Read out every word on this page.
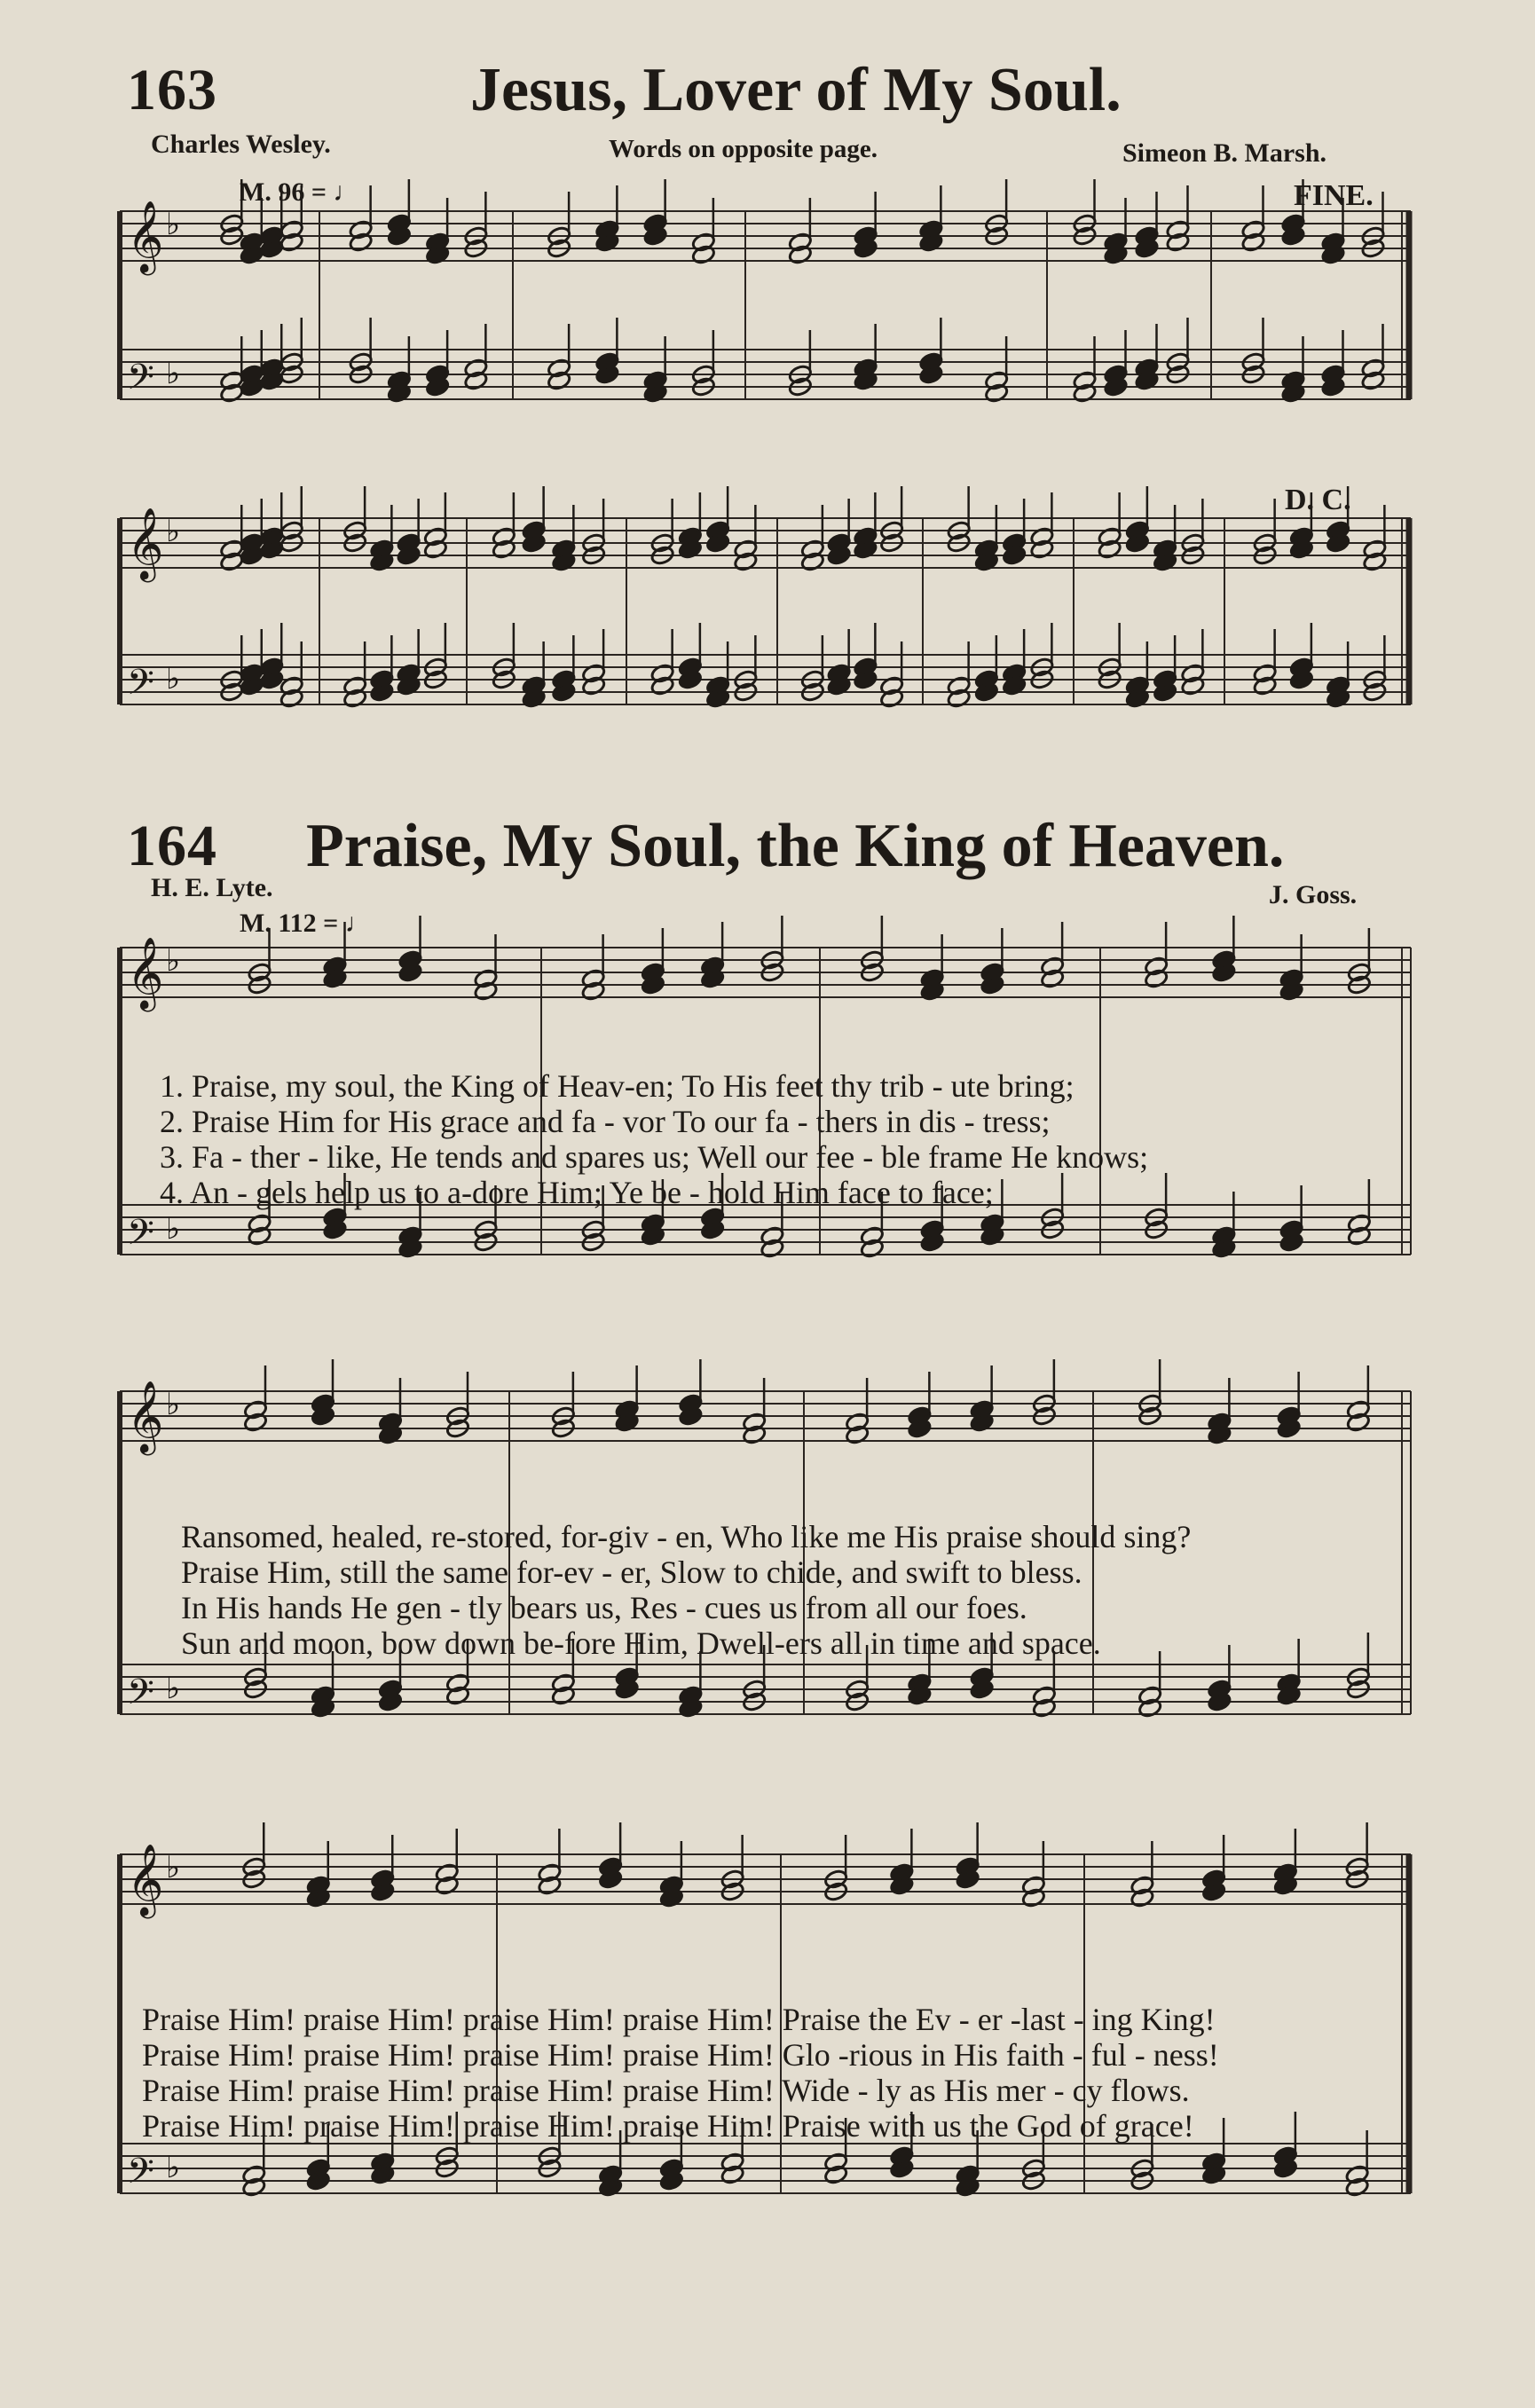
163	Jesus, Lover of My Soul.
Charles Wesley.	Words on opposite page.	Simeon B. Marsh.
M. 96 = ♩	FINE.
D. C.
164 Praise, My Soul, the King of Heaven.
H. E. Lyte.	J. Goss.
M. 112 = ♩
𝄞 ♭
𝄢 ♭
𝄞 ♭
𝄢 ♭
𝄞 ♭
𝄢 ♭
𝄞 ♭
𝄢 ♭
𝄞 ♭
𝄢 ♭
1. Praise, my soul, the King of Heav-en; To His feet thy trib - ute bring;
2. Praise Him for His grace and fa - vor To our fa - thers in dis - tress;
3. Fa - ther - like, He tends and spares us; Well our fee - ble frame He knows;
4. An - gels help us to a-dore Him; Ye be - hold Him face to face;
Ransomed, healed, re-stored, for-giv - en, Who like me His praise should sing?
Praise Him, still the same for-ev - er, Slow to chide, and swift to bless.
In His hands He gen - tly bears us, Res - cues us from all our foes.
Sun and moon, bow down be-fore Him, Dwell-ers all in time and space.
Praise Him! praise Him! praise Him! praise Him! Praise the Ev - er -last - ing King!
Praise Him! praise Him! praise Him! praise Him! Glo -rious in His faith - ful - ness!
Praise Him! praise Him! praise Him! praise Him! Wide - ly as His mer - cy flows.
Praise Him! praise Him! praise Him! praise Him! Praise with us the God of grace!
